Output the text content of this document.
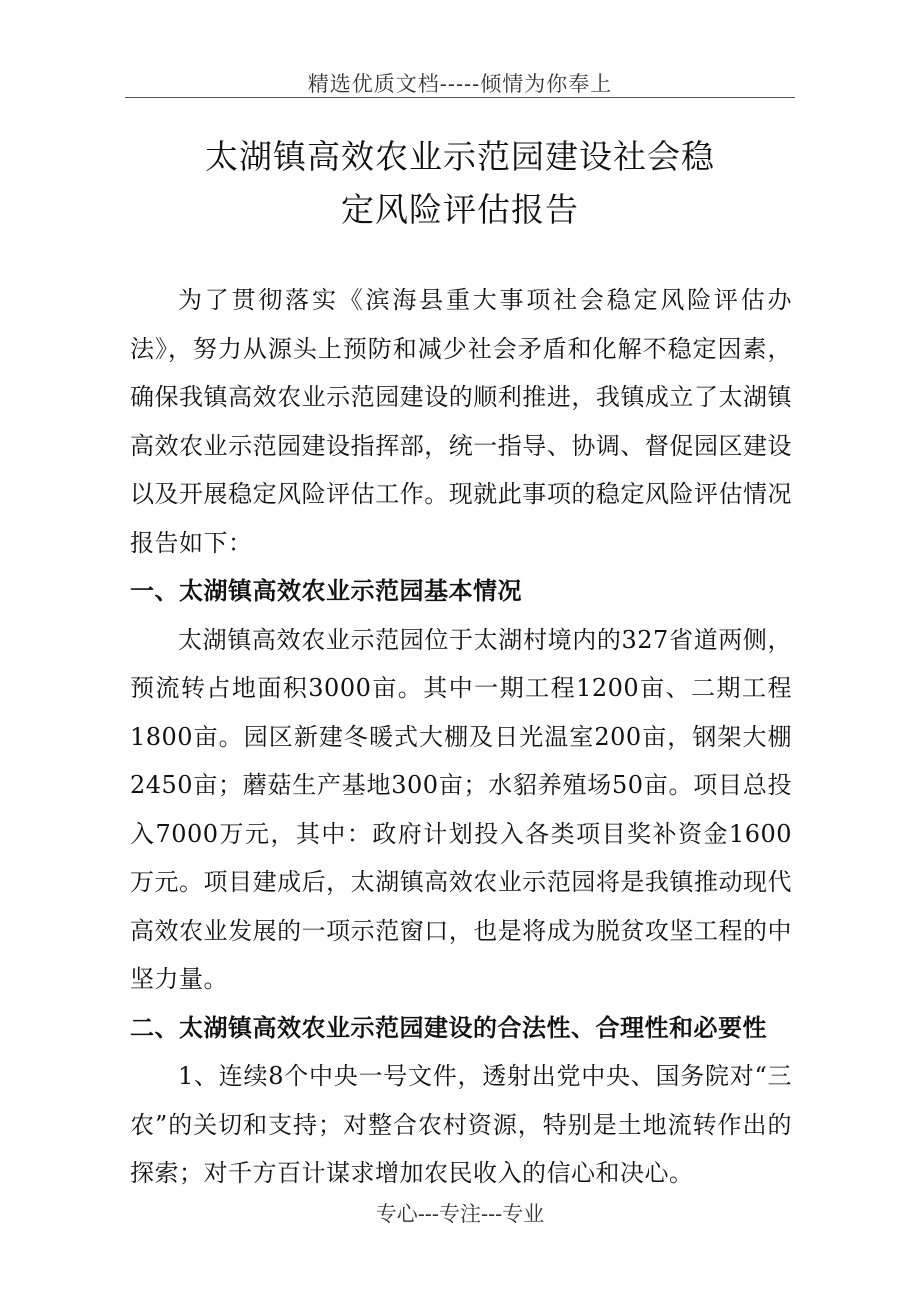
精选优质文档-----倾情为你奉上
太湖镇高效农业示范园建设社会稳
定风险评估报告

为了贯彻落实《滨海县重大事项社会稳定风险评估办法》，努力从源头上预防和减少社会矛盾和化解不稳定因素，确保我镇高效农业示范园建设的顺利推进，我镇成立了太湖镇高效农业示范园建设指挥部，统一指导、协调、督促园区建设以及开展稳定风险评估工作。现就此事项的稳定风险评估情况报告如下：

一、太湖镇高效农业示范园基本情况

太湖镇高效农业示范园位于太湖村境内的327省道两侧，预流转占地面积3000亩。其中一期工程1200亩、二期工程1800亩。园区新建冬暖式大棚及日光温室200亩，钢架大棚2450亩；蘑菇生产基地300亩；水貂养殖场50亩。项目总投入7000万元，其中：政府计划投入各类项目奖补资金1600万元。项目建成后，太湖镇高效农业示范园将是我镇推动现代高效农业发展的一项示范窗口，也是将成为脱贫攻坚工程的中坚力量。

二、太湖镇高效农业示范园建设的合法性、合理性和必要性

1、连续8个中央一号文件，透射出党中央、国务院对“三农”的关切和支持；对整合农村资源，特别是土地流转作出的探索；对千方百计谋求增加农民收入的信心和决心。

专心---专注---专业
